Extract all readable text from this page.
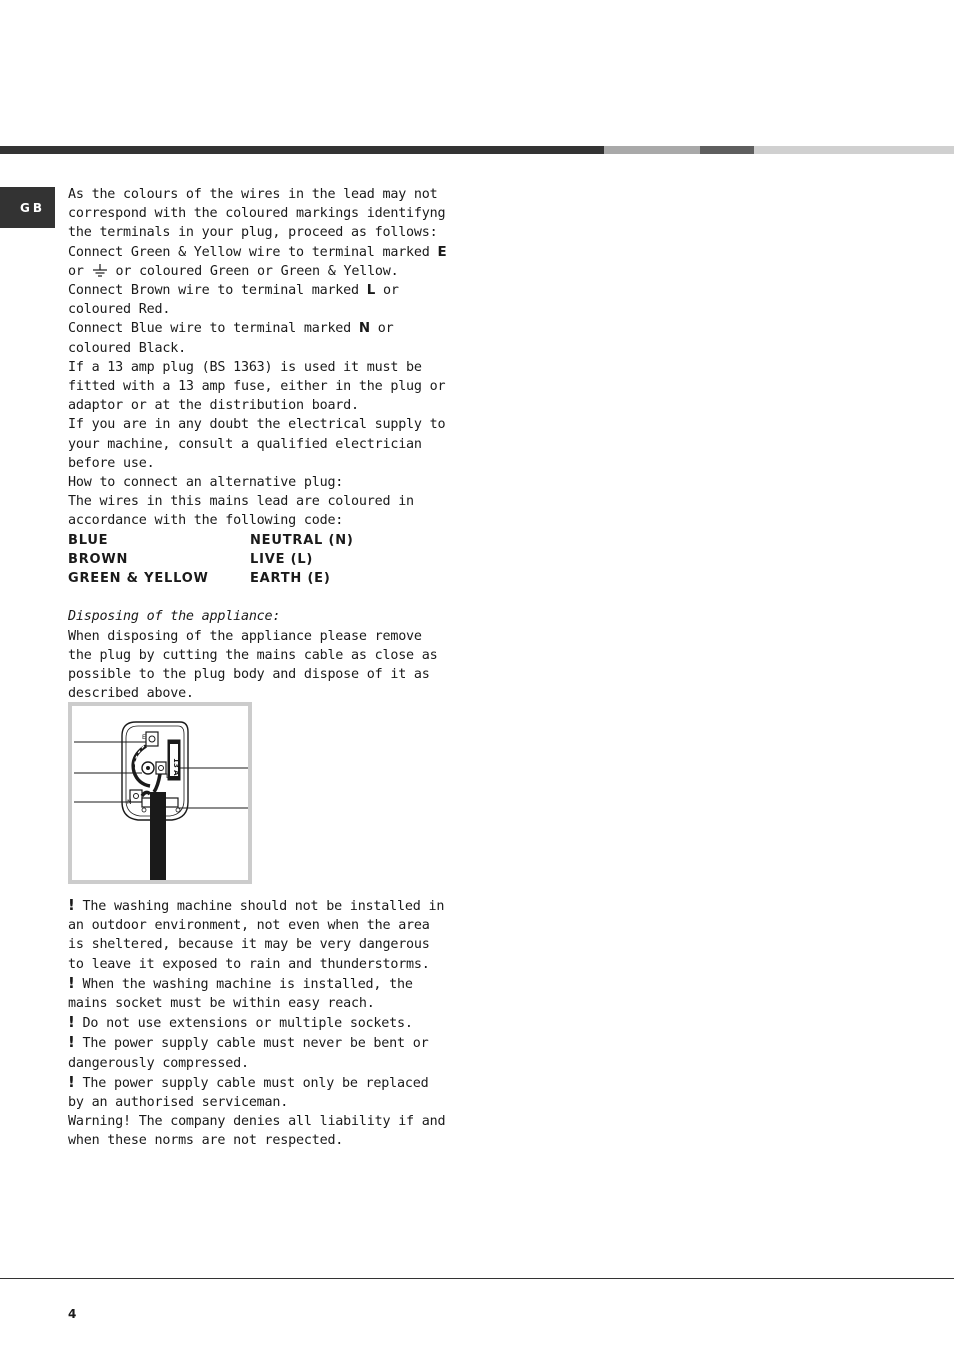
GB

As the colours of the wires in the lead may not correspond with the coloured markings identifyng the terminals in your plug, proceed as follows:

Connect Green & Yellow wire to terminal marked E
or or coloured Green or Green & Yellow.

Connect Brown wire to terminal marked L or coloured Red.

Connect Blue wire to terminal marked N or coloured Black.

If a 13 amp plug (BS 1363) is used it must be fitted with a 13 amp fuse, either in the plug or adaptor or at the distribution board.

If you are in any doubt the electrical supply to your machine, consult a qualified electrician before use.

How to connect an alternative plug:

The wires in this mains lead are coloured in accordance with the following code:

BLUE	NEUTRAL (N)
BROWN	LIVE (L)
GREEN & YELLOW	EARTH (E)

Disposing of the appliance:

When disposing of the appliance please remove the plug by cutting the mains cable as close as possible to the plug body and dispose of it as described above.

13 A
E
L
N

! The washing machine should not be installed in an outdoor environment, not even when the area is sheltered, because it may be very dangerous to leave it exposed to rain and thunderstorms.

! When the washing machine is installed, the mains socket must be within easy reach.

! Do not use extensions or multiple sockets.

! The power supply cable must never be bent or dangerously compressed.

! The power supply cable must only be replaced by an authorised serviceman.

Warning! The company denies all liability if and when these norms are not respected.

4
